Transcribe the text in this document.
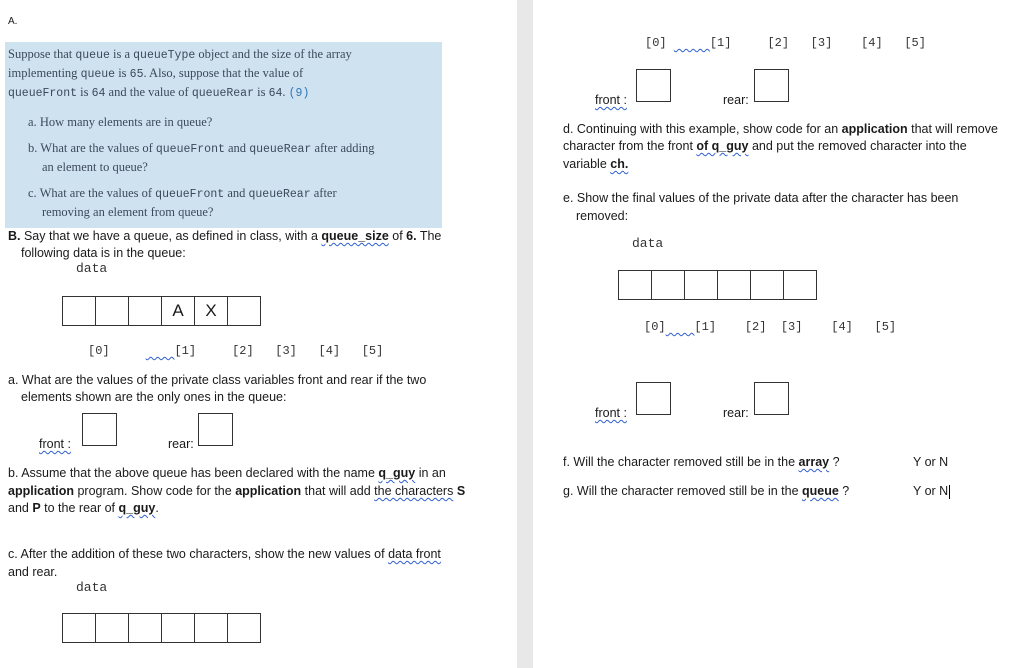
A.
Suppose that queue is a queueType object and the size of the array
implementing queue is 65. Also, suppose that the value of
queueFront is 64 and the value of queueRear is 64. (9)
a. How many elements are in queue?
b. What are the values of queueFront and queueRear after adding
an element to queue?
c. What are the values of queueFront and queueRear after
removing an element from queue?
B. Say that we have a queue, as defined in class, with a queue_size of 6. The
following data is in the queue:
data
A	X
[0]	[1]	[2] [3] [4] [5]
a. What are the values of the private class variables front and rear if the two
elements shown are the only ones in the queue:
front :	rear:
b. Assume that the above queue has been declared with the name q_guy in an
application program. Show code for the application that will add the characters S
and P to the rear of q_guy.
c. After the addition of these two characters, show the new values of data front
and rear.
data
[0]	[1]	[2] [3] [4] [5]
front :	rear:
d. Continuing with this example, show code for an application that will remove
character from the front of q_guy and put the removed character into the
variable ch.
e. Show the final values of the private data after the character has been
removed:
data
[0] [1] [2] [3] [4] [5]
front :	rear:
f. Will the character removed still be in the array ?	Y or N
g. Will the character removed still be in the queue ?	Y or N
